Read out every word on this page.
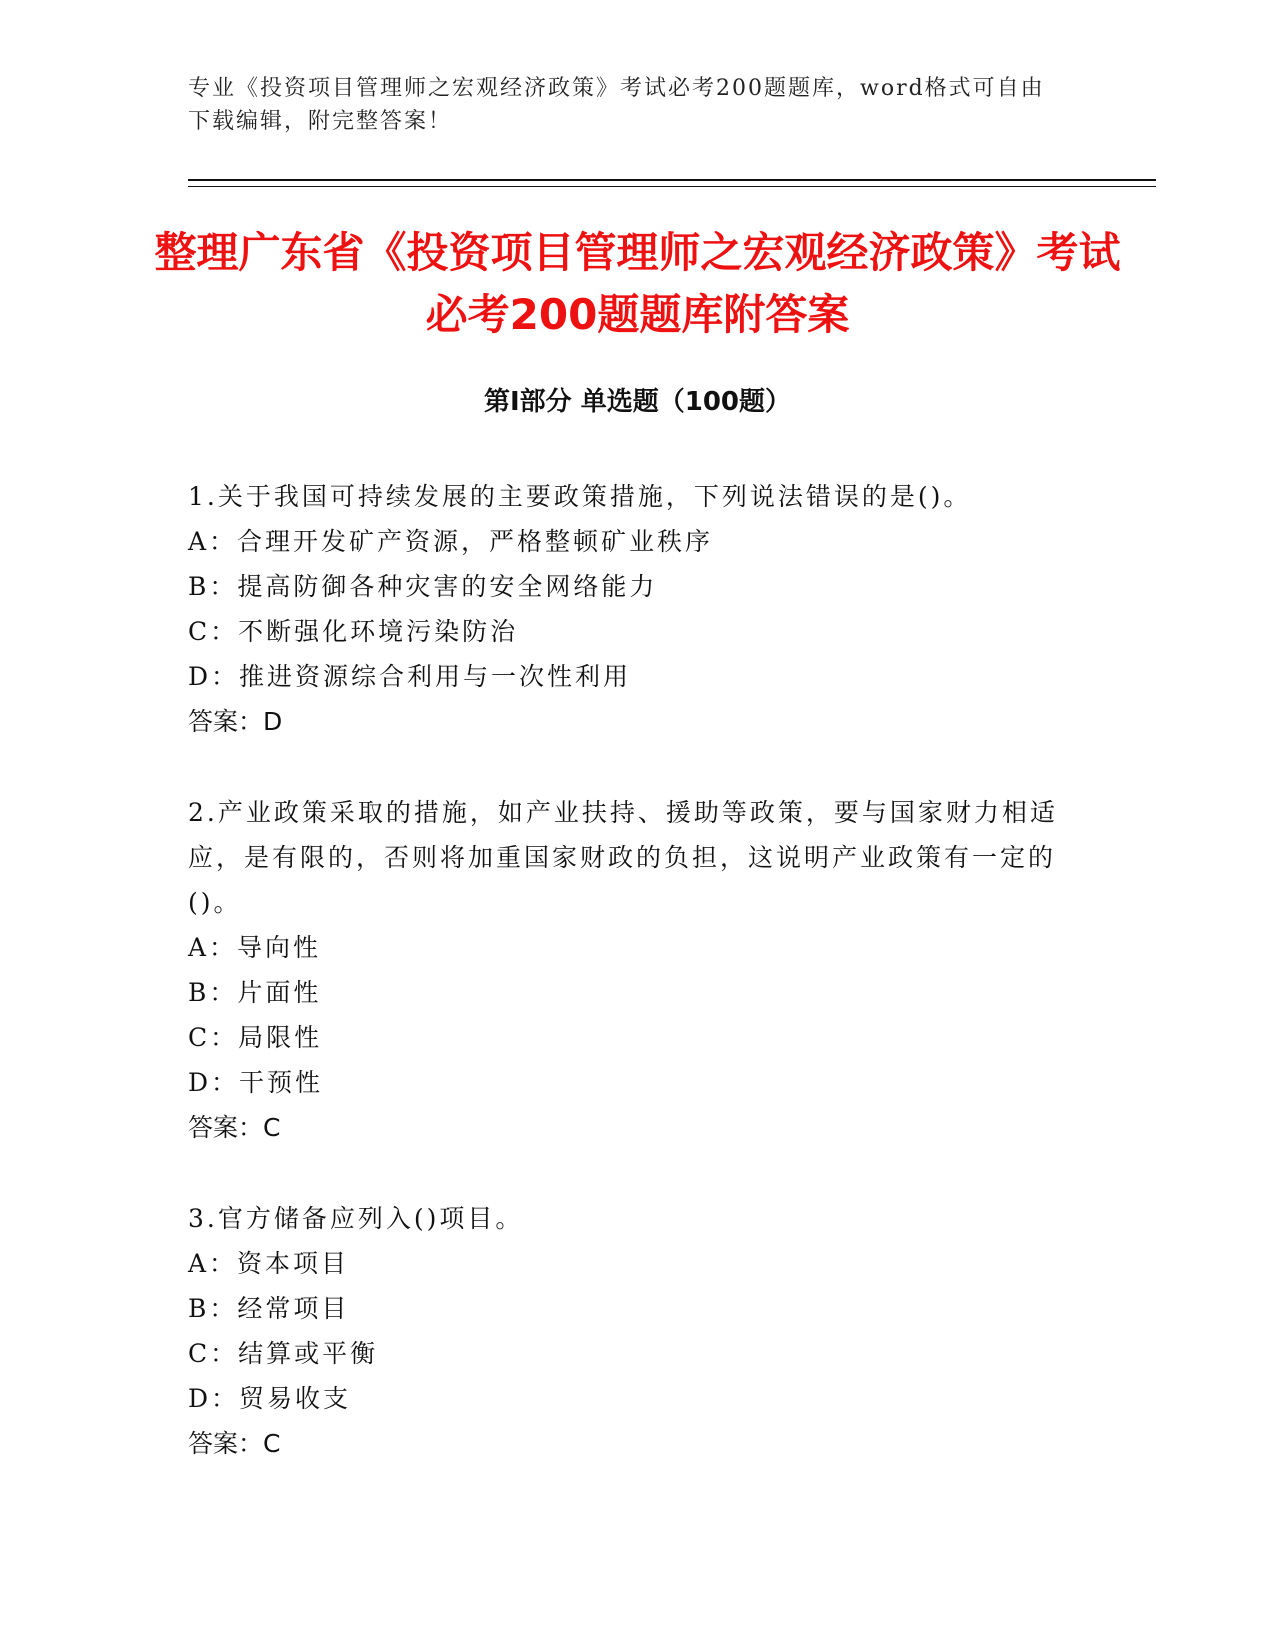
专业《投资项目管理师之宏观经济政策》考试必考200题题库，word格式可自由下载编辑，附完整答案！

整理广东省《投资项目管理师之宏观经济政策》考试必考200题题库附答案
第I部分 单选题（100题）

1.关于我国可持续发展的主要政策措施，下列说法错误的是()。

A：合理开发矿产资源，严格整顿矿业秩序

B：提高防御各种灾害的安全网络能力

C：不断强化环境污染防治

D：推进资源综合利用与一次性利用

答案：D

2.产业政策采取的措施，如产业扶持、援助等政策，要与国家财力相适应，是有限的，否则将加重国家财政的负担，这说明产业政策有一定的()。

A：导向性

B：片面性

C：局限性

D：干预性

答案：C

3.官方储备应列入()项目。

A：资本项目

B：经常项目

C：结算或平衡

D：贸易收支

答案：C
